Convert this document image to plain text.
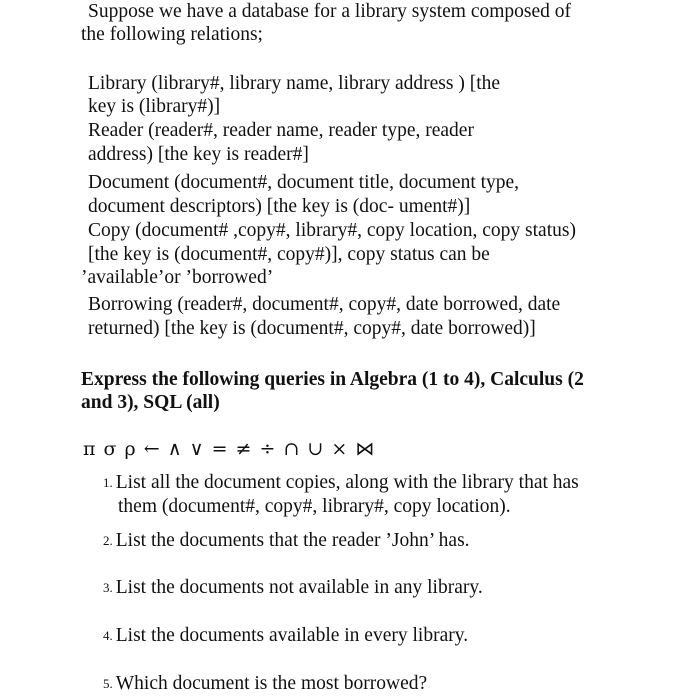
Suppose we have a database for a library system composed of
the following relations;
Library (library#, library name, library address ) [the
key is (library#)]
Reader (reader#, reader name, reader type, reader
address) [the key is reader#]
Document (document#, document title, document type,
document descriptors) [the key is (doc- ument#)]
Copy (document# ,copy#, library#, copy location, copy status)
[the key is (document#, copy#)], copy status can be
’available’or ’borrowed’
Borrowing (reader#, document#, copy#, date borrowed, date
returned) [the key is (document#, copy#, date borrowed)]
Express the following queries in Algebra (1 to 4), Calculus (2
and 3), SQL (all)
π σ ρ ← ∧ ∨ = ≠ ÷ ∩ ∪ × ⋈
1. List all the document copies, along with the library that has
them (document#, copy#, library#, copy location).
2. List the documents that the reader ’John’ has.
3. List the documents not available in any library.
4. List the documents available in every library.
5. Which document is the most borrowed?
